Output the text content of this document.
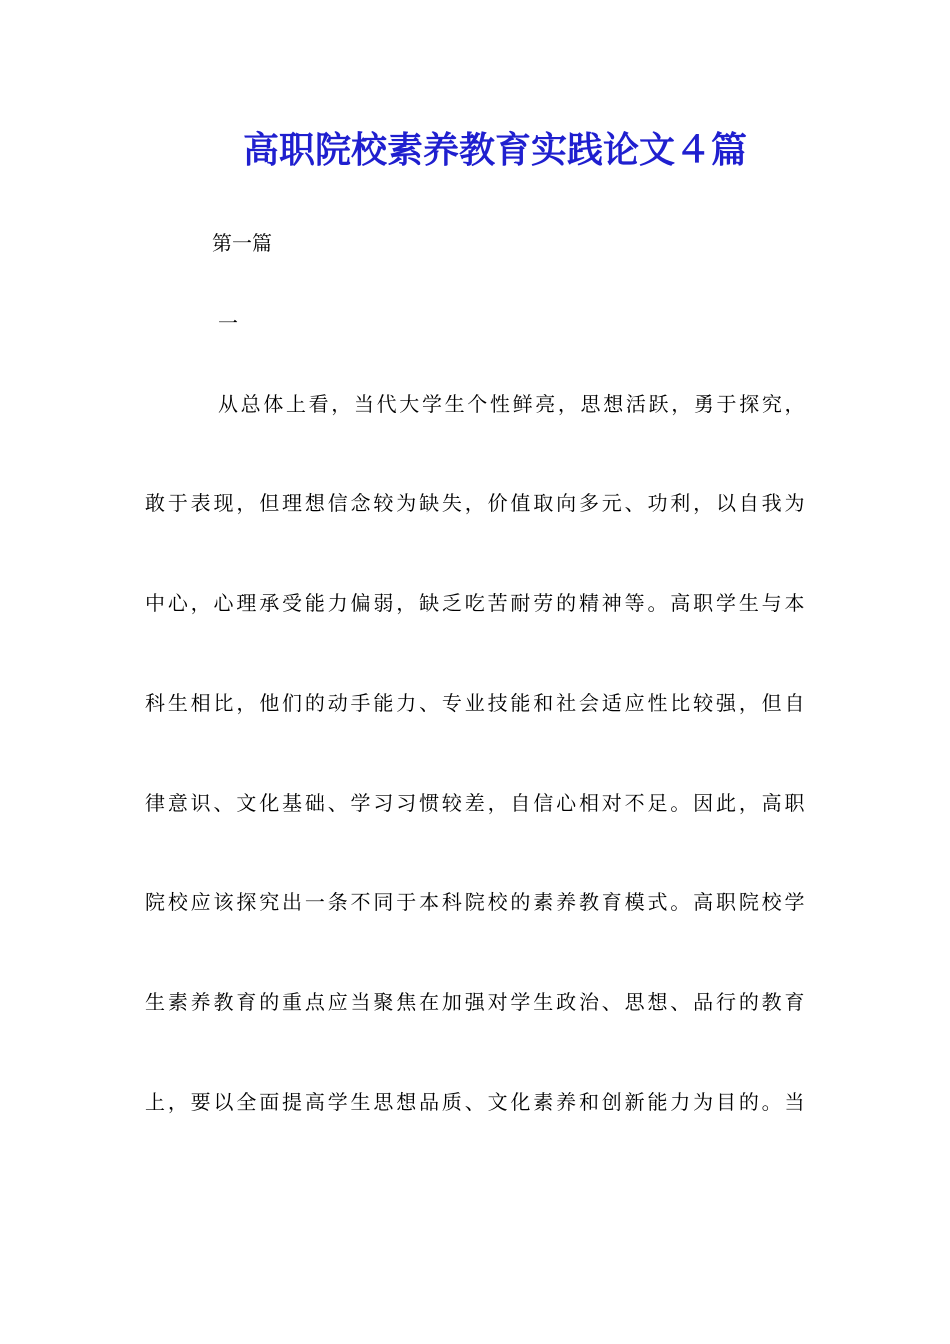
高职院校素养教育实践论文４篇
第一篇
一
从总体上看，当代大学生个性鲜亮，思想活跃，勇于探究，
敢于表现，但理想信念较为缺失，价值取向多元、功利，以自我为
中心，心理承受能力偏弱，缺乏吃苦耐劳的精神等。高职学生与本
科生相比，他们的动手能力、专业技能和社会适应性比较强，但自
律意识、文化基础、学习习惯较差，自信心相对不足。因此，高职
院校应该探究出一条不同于本科院校的素养教育模式。高职院校学
生素养教育的重点应当聚焦在加强对学生政治、思想、品行的教育
上，要以全面提高学生思想品质、文化素养和创新能力为目的。当
